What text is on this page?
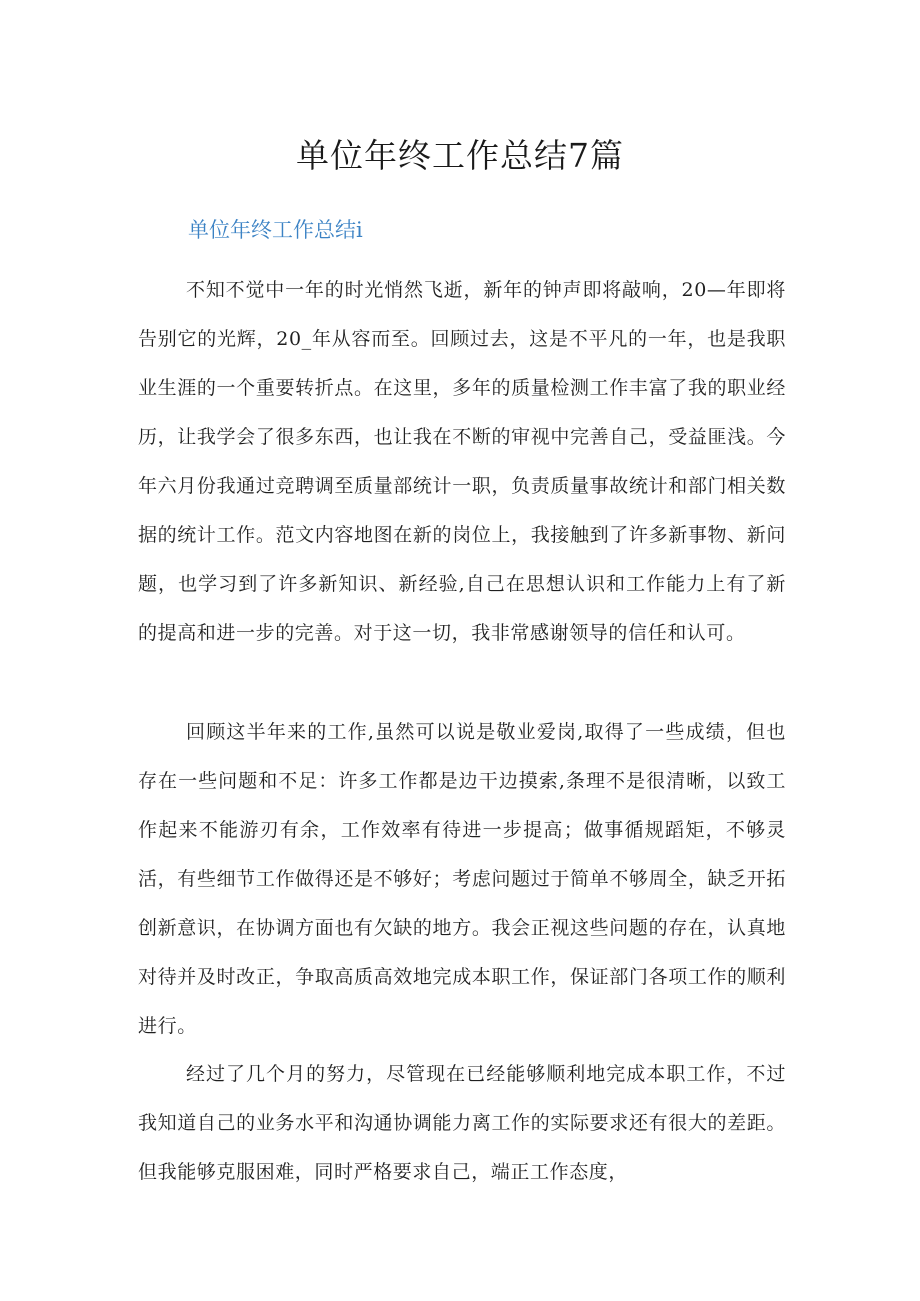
单位年终工作总结7篇
单位年终工作总结i

不知不觉中一年的时光悄然飞逝，新年的钟声即将敲响，20—年即将告别它的光辉，20_年从容而至。回顾过去，这是不平凡的一年，也是我职业生涯的一个重要转折点。在这里，多年的质量检测工作丰富了我的职业经历，让我学会了很多东西，也让我在不断的审视中完善自己，受益匪浅。今年六月份我通过竞聘调至质量部统计一职，负责质量事故统计和部门相关数据的统计工作。范文内容地图在新的岗位上，我接触到了许多新事物、新问题，也学习到了许多新知识、新经验,自己在思想认识和工作能力上有了新的提高和进一步的完善。对于这一切，我非常感谢领导的信任和认可。

回顾这半年来的工作,虽然可以说是敬业爱岗,取得了一些成绩，但也存在一些问题和不足：许多工作都是边干边摸索,条理不是很清晰，以致工作起来不能游刃有余，工作效率有待进一步提高；做事循规蹈矩，不够灵活，有些细节工作做得还是不够好；考虑问题过于简单不够周全，缺乏开拓创新意识，在协调方面也有欠缺的地方。我会正视这些问题的存在，认真地对待并及时改正，争取高质高效地完成本职工作，保证部门各项工作的顺利进行。

经过了几个月的努力，尽管现在已经能够顺利地完成本职工作，不过我知道自己的业务水平和沟通协调能力离工作的实际要求还有很大的差距。但我能够克服困难，同时严格要求自己，端正工作态度，
